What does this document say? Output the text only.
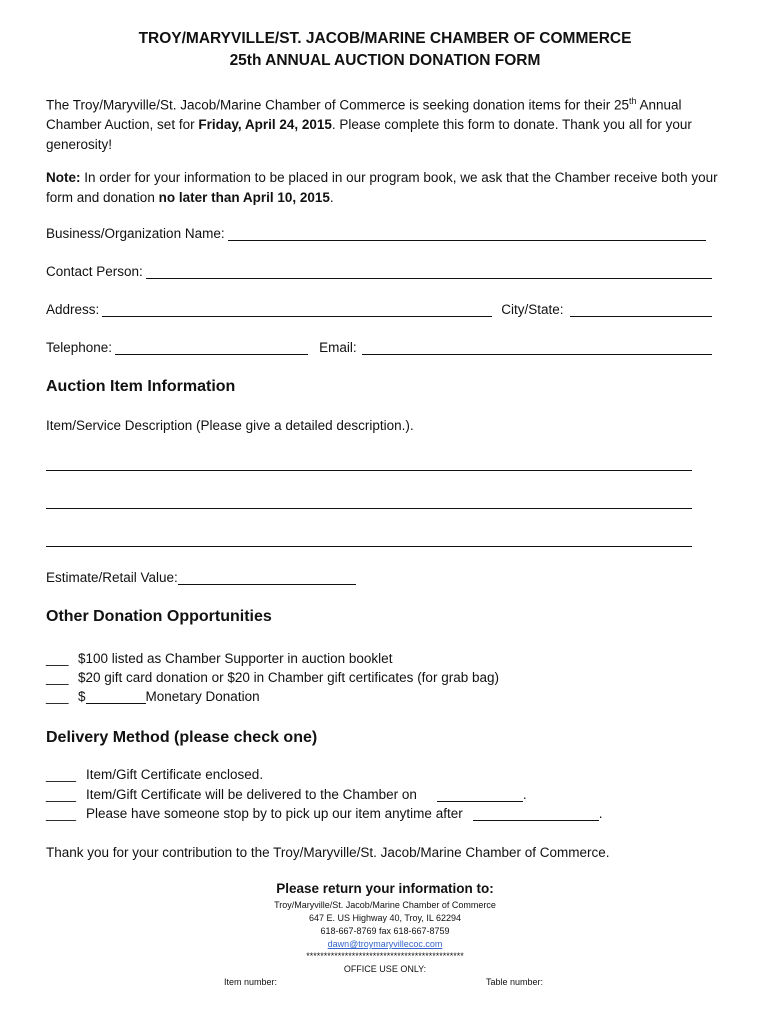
TROY/MARYVILLE/ST. JACOB/MARINE CHAMBER OF COMMERCE
25th ANNUAL AUCTION DONATION FORM
The Troy/Maryville/St. Jacob/Marine Chamber of Commerce is seeking donation items for their 25th Annual Chamber Auction, set for Friday, April 24, 2015. Please complete this form to donate. Thank you all for your generosity!
Note: In order for your information to be placed in our program book, we ask that the Chamber receive both your form and donation no later than April 10, 2015.
Business/Organization Name:
Contact Person:
Address:	City/State:
Telephone:	Email:
Auction Item Information
Item/Service Description (Please give a detailed description.).
Estimate/Retail Value:
Other Donation Opportunities
___ $100 listed as Chamber Supporter in auction booklet
___ $20 gift card donation or $20 in Chamber gift certificates (for grab bag)
___ $	Monetary Donation
Delivery Method (please check one)
____ Item/Gift Certificate enclosed.
____ Item/Gift Certificate will be delivered to the Chamber on	.
____ Please have someone stop by to pick up our item anytime after	.
Thank you for your contribution to the Troy/Maryville/St. Jacob/Marine Chamber of Commerce.
Please return your information to:
Troy/Maryville/St. Jacob/Marine Chamber of Commerce
647 E. US Highway 40, Troy, IL 62294
618-667-8769 fax 618-667-8759
dawn@troymaryvillecoc.com
*********************************************
OFFICE USE ONLY:
Item number:	Table number:
